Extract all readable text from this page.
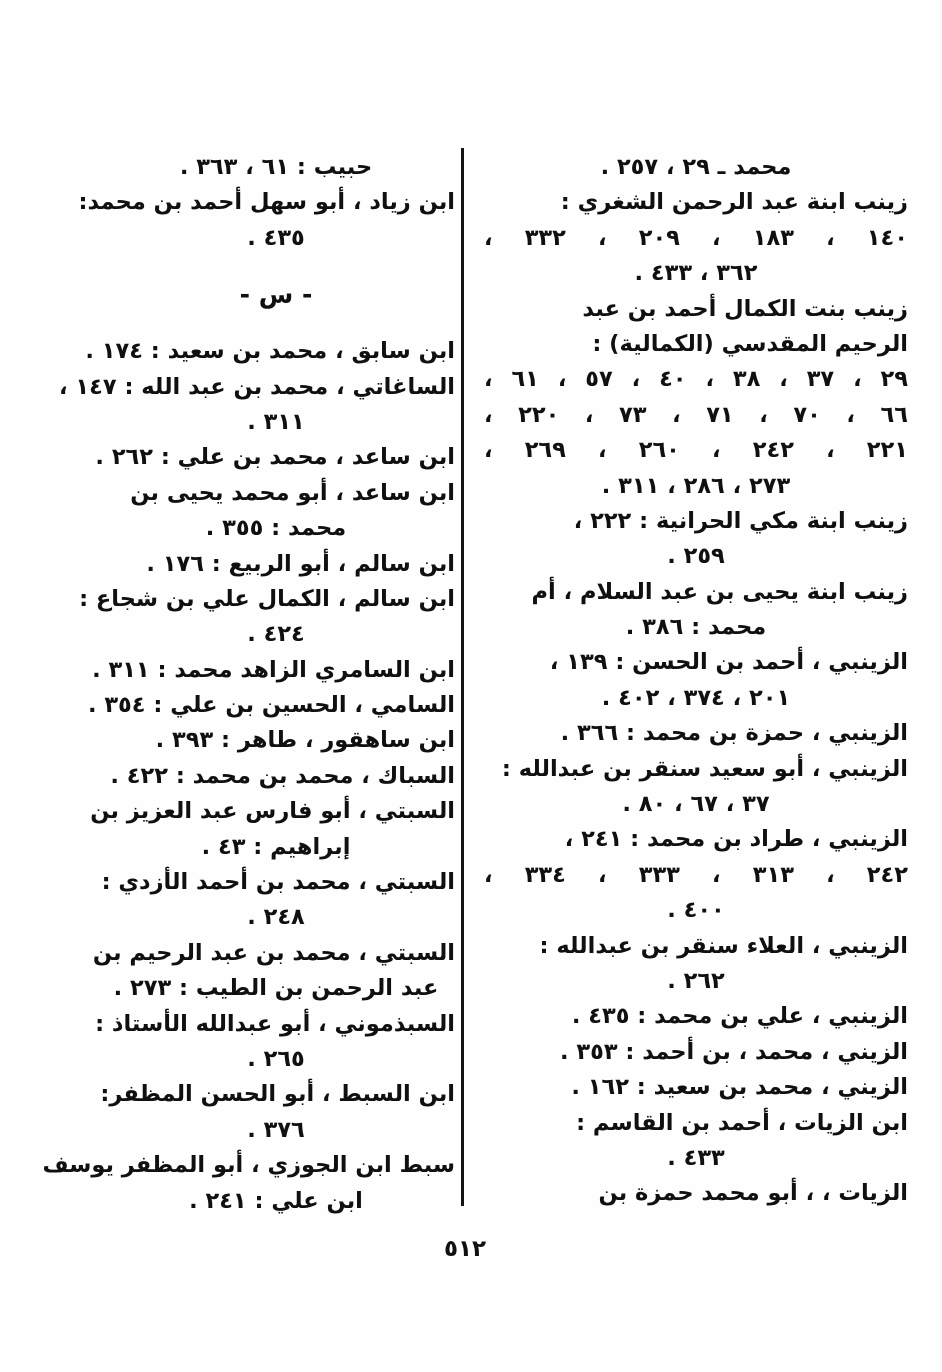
محمد ـ ٢٩ ، ٢٥٧ .
زينب ابنة عبد الرحمن الشغري :
١٤٠ ، ١٨٣ ، ٢٠٩ ، ٣٣٢ ،
٣٦٢ ، ٤٣٣ .
زينب بنت الكمال أحمد بن عبد
الرحيم المقدسي (الكمالية) :
٢٩ ، ٣٧ ، ٣٨ ، ٤٠ ، ٥٧ ، ٦١ ،
٦٦ ، ٧٠ ، ٧١ ، ٧٣ ، ٢٢٠ ،
٢٢١ ، ٢٤٢ ، ٢٦٠ ، ٢٦٩ ،
٢٧٣ ، ٢٨٦ ، ٣١١ .
زينب ابنة مكي الحرانية : ٢٢٢ ،
٢٥٩ .
زينب ابنة يحيى بن عبد السلام ، أم
محمد : ٣٨٦ .
الزينبي ، أحمد بن الحسن : ١٣٩ ،
٢٠١ ، ٣٧٤ ، ٤٠٢ .
الزينبي ، حمزة بن محمد : ٣٦٦ .
الزينبي ، أبو سعيد سنقر بن عبدالله :
٣٧ ، ٦٧ ، ٨٠ .
الزينبي ، طراد بن محمد : ٢٤١ ،
٢٤٢ ، ٣١٣ ، ٣٣٣ ، ٣٣٤ ،
٤٠٠ .
الزينبي ، العلاء سنقر بن عبدالله :
٢٦٢ .
الزينبي ، علي بن محمد : ٤٣٥ .
الزيني ، محمد ، بن أحمد : ٣٥٣ .
الزيني ، محمد بن سعيد : ١٦٢ .
ابن الزيات ، أحمد بن القاسم :
٤٣٣ .
الزيات ، ، أبو محمد حمزة بن
حبيب : ٦١ ، ٣٦٣ .
ابن زياد ، أبو سهل أحمد بن محمد:
٤٣٥ .
- س -
ابن سابق ، محمد بن سعيد : ١٧٤ .
الساغاتي ، محمد بن عبد الله : ١٤٧ ،
٣١١ .
ابن ساعد ، محمد بن علي : ٢٦٢ .
ابن ساعد ، أبو محمد يحيى بن
محمد : ٣٥٥ .
ابن سالم ، أبو الربيع : ١٧٦ .
ابن سالم ، الكمال علي بن شجاع :
٤٢٤ .
ابن السامري الزاهد محمد : ٣١١ .
السامي ، الحسين بن علي : ٣٥٤ .
ابن ساهقور ، طاهر : ٣٩٣ .
السباك ، محمد بن محمد : ٤٢٢ .
السبتي ، أبو فارس عبد العزيز بن
إبراهيم : ٤٣ .
السبتي ، محمد بن أحمد الأزدي :
٢٤٨ .
السبتي ، محمد بن عبد الرحيم بن
عبد الرحمن بن الطيب : ٢٧٣ .
السبذموني ، أبو عبدالله الأستاذ :
٢٦٥ .
ابن السبط ، أبو الحسن المظفر:
٣٧٦ .
سبط ابن الجوزي ، أبو المظفر يوسف
ابن علي : ٢٤١ .
٥١٢
